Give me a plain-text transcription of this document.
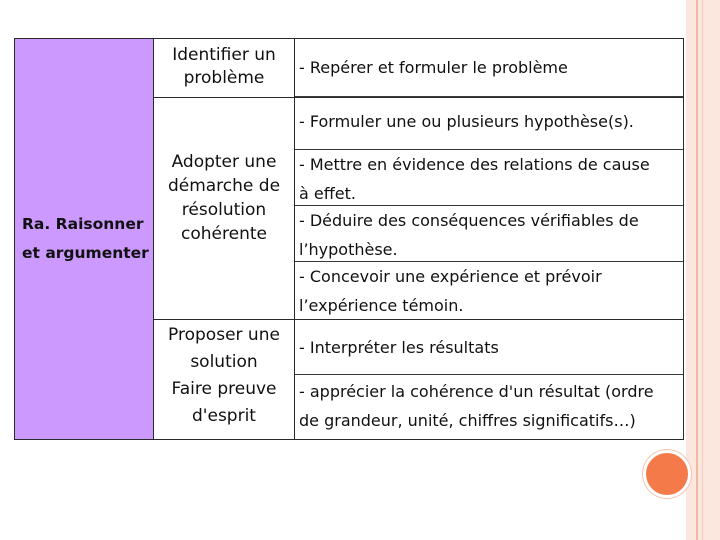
Ra. Raisonner
et argumenter
Identifier un
problème
- Repérer et formuler le problème
Adopter une
démarche de
résolution
cohérente
- Formuler une ou plusieurs hypothèse(s).
- Mettre en évidence des relations de cause
à effet.
- Déduire des conséquences vérifiables de
l’hypothèse.
- Concevoir une expérience et prévoir
l’expérience témoin.
Proposer une
solution
Faire preuve
d'esprit
- Interpréter les résultats
- apprécier la cohérence d'un résultat (ordre
de grandeur, unité, chiffres significatifs…)
